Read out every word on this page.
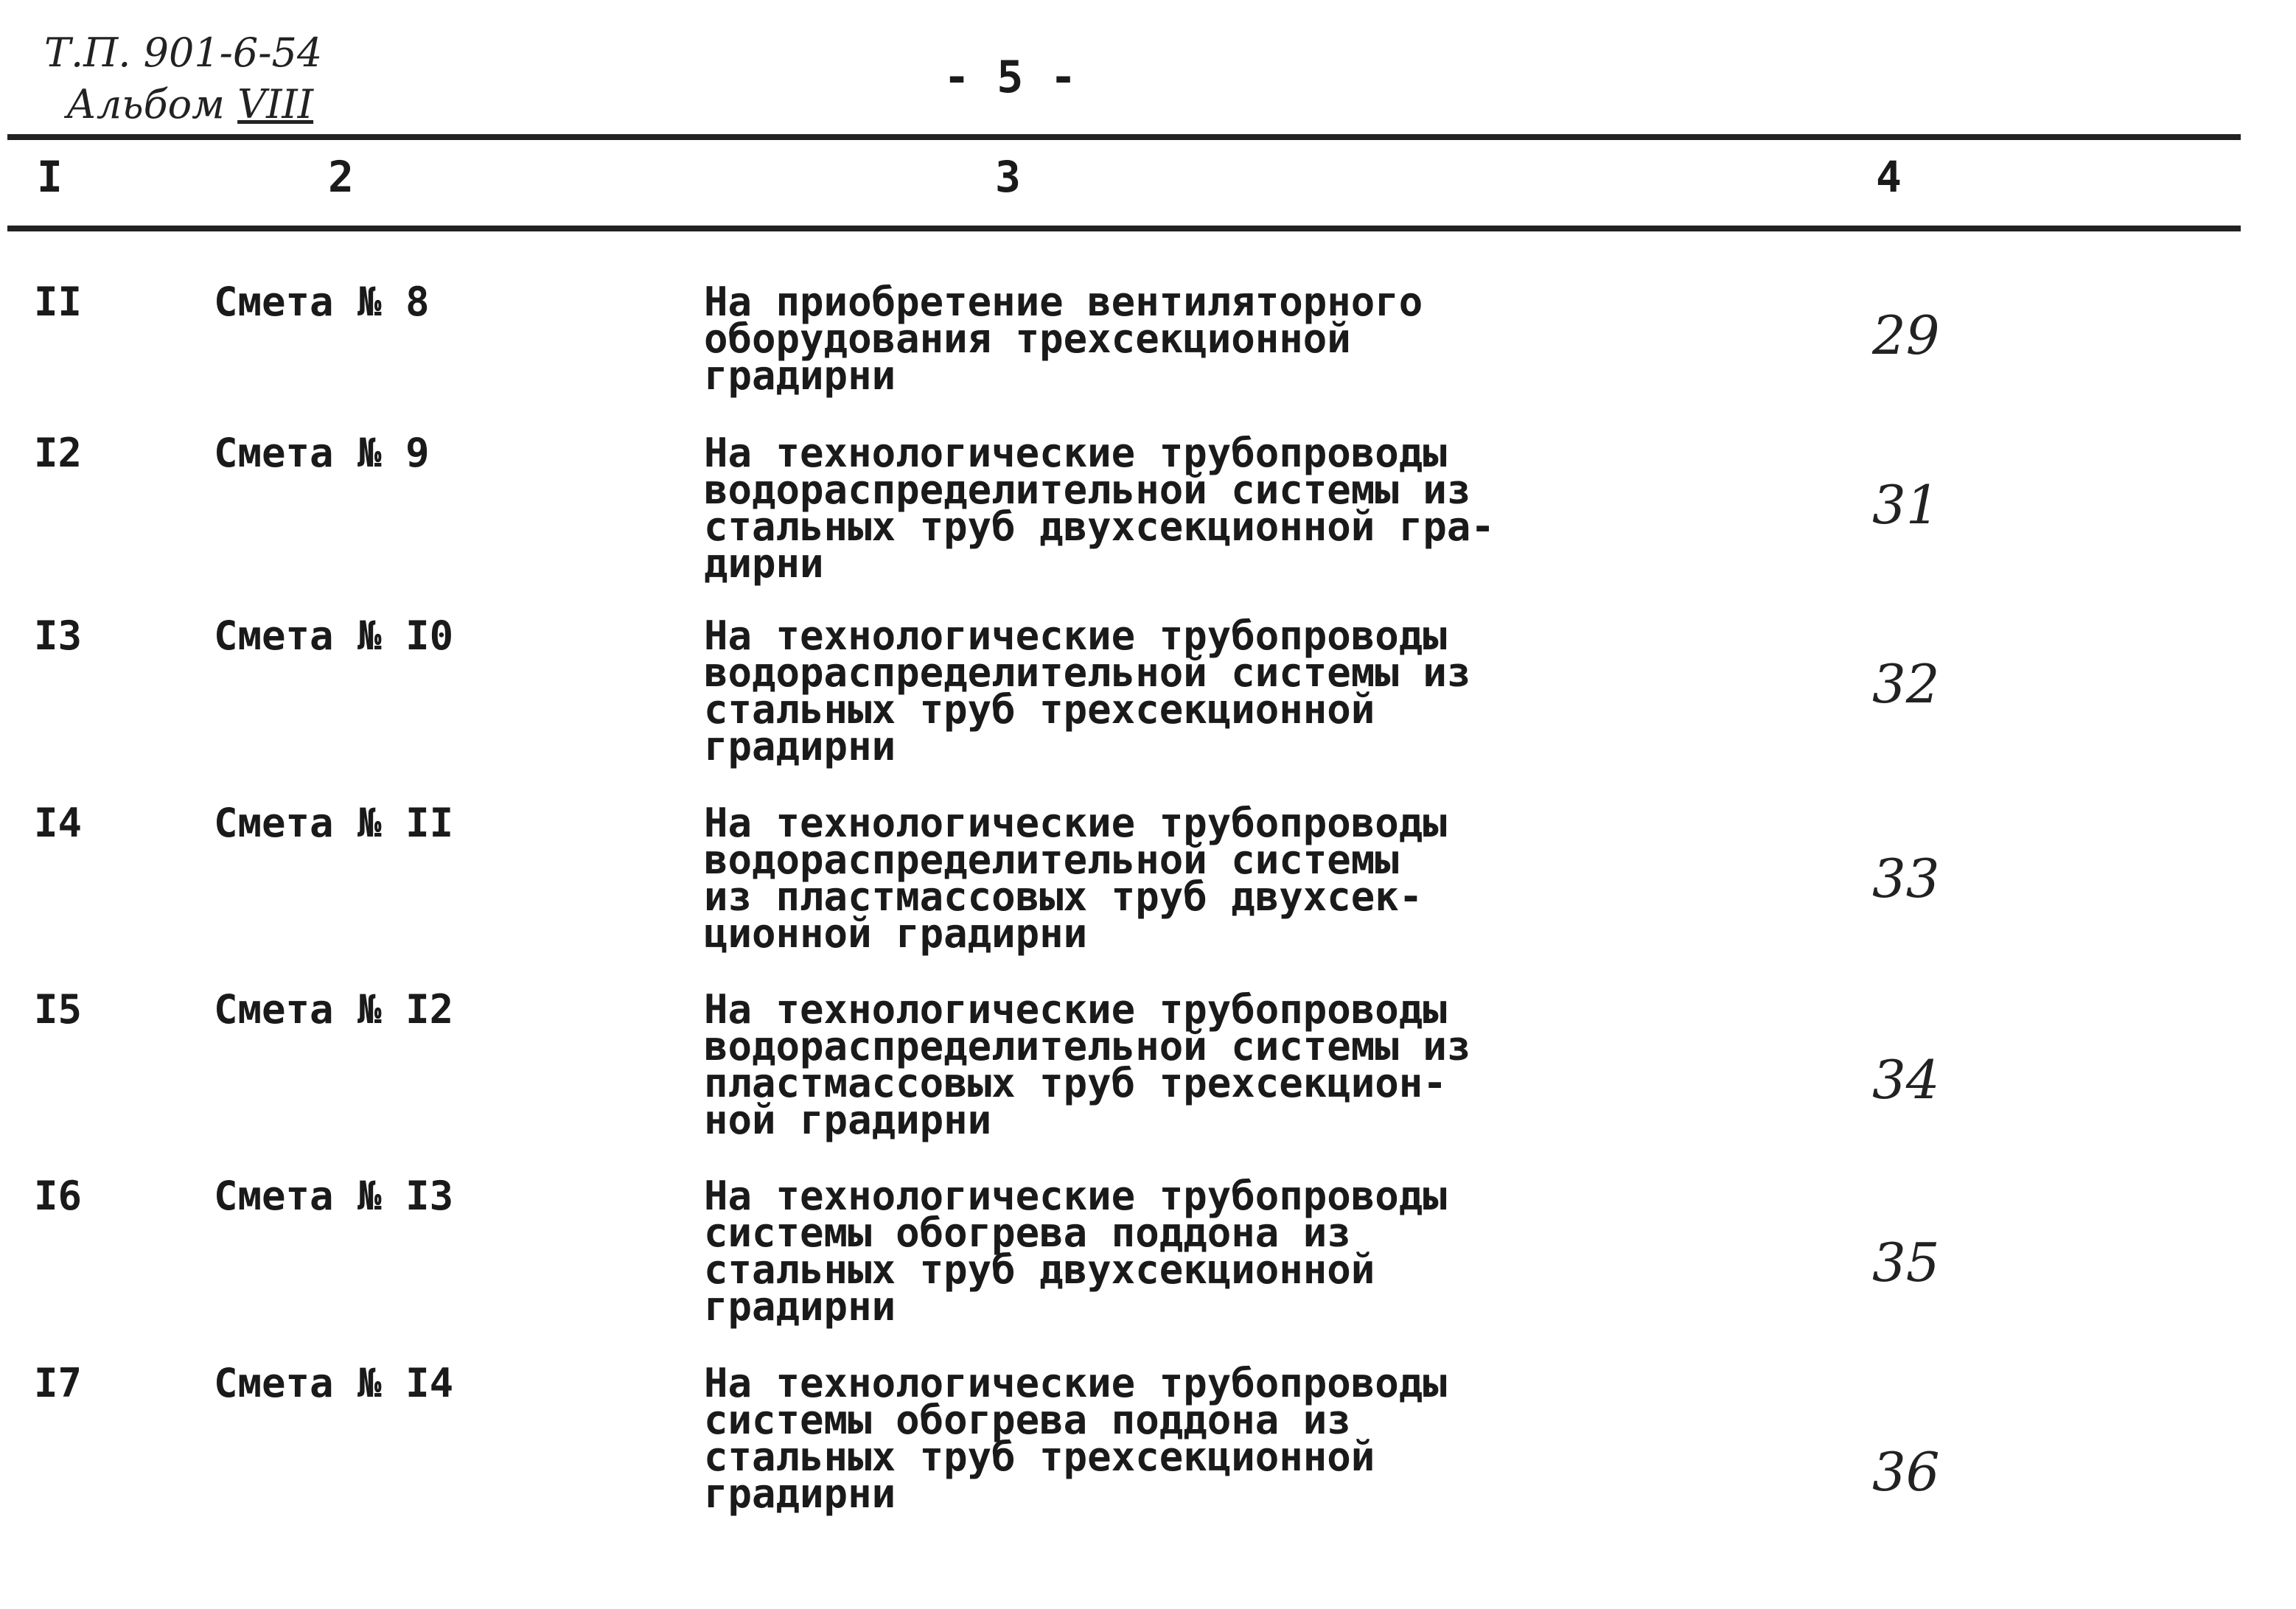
Т.П. 901-6-54
Альбом VIII
- 5 -
I	2	3	4
II	Смета № 8	На приобретение вентиляторного
оборудования трехсекционной
градирни
29
I2	Смета № 9	На технологические трубопроводы
водораспределительной системы из
стальных труб двухсекционной гра-
дирни
31
I3	Смета № I0	На технологические трубопроводы
водораспределительной системы из
стальных труб трехсекционной
градирни
32
I4	Смета № II	На технологические трубопроводы
водораспределительной системы
из пластмассовых труб двухсек-
ционной градирни
33
I5	Смета № I2	На технологические трубопроводы
водораспределительной системы из
пластмассовых труб трехсекцион-
ной градирни
34
I6	Смета № I3	На технологические трубопроводы
системы обогрева поддона из
стальных труб двухсекционной
градирни
35
I7	Смета № I4	На технологические трубопроводы
системы обогрева поддона из
стальных труб трехсекционной
градирни	36
